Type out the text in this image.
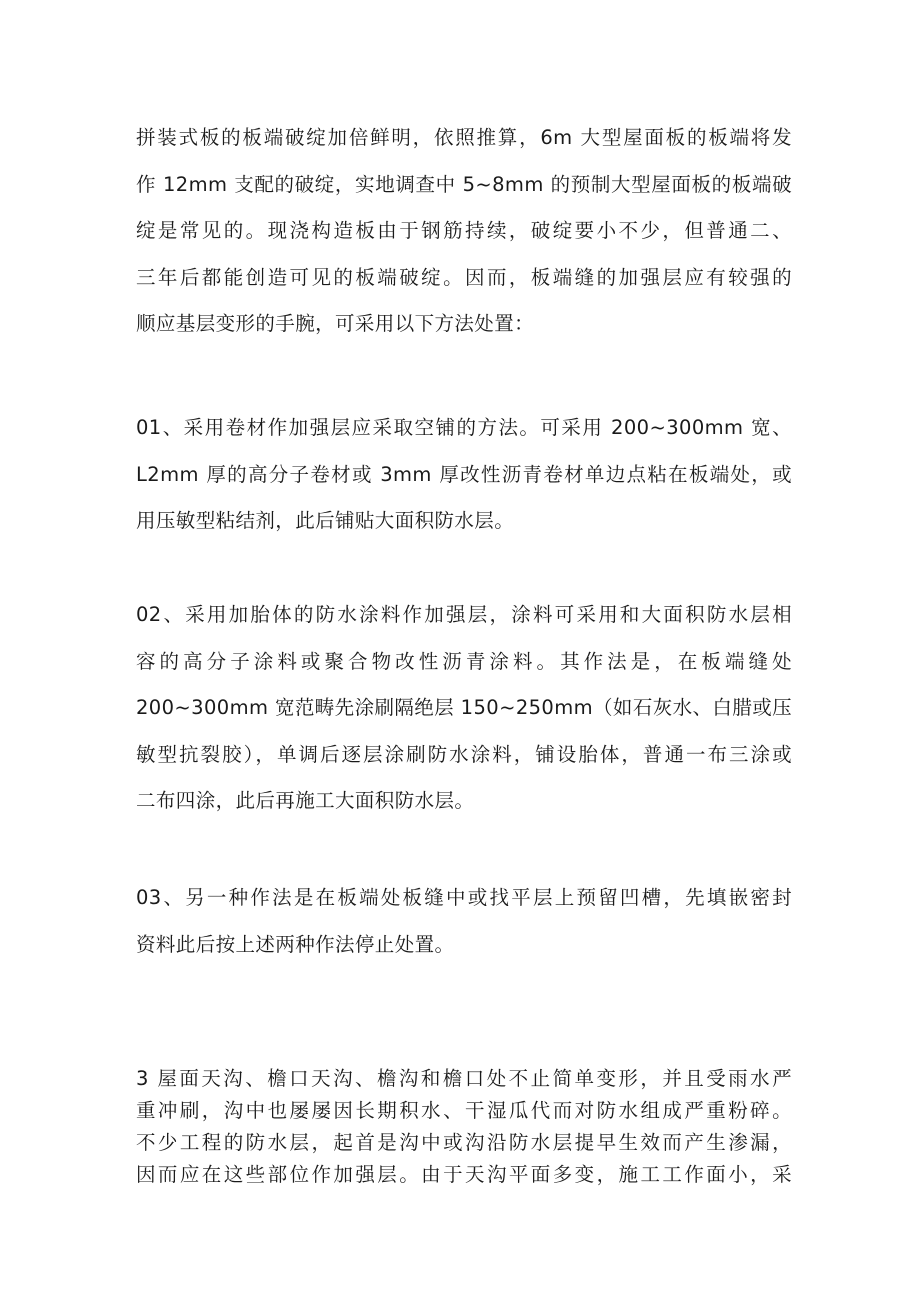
拼装式板的板端破绽加倍鲜明，依照推算，6m 大型屋面板的板端将发
作 12mm 支配的破绽，实地调查中 5~8mm 的预制大型屋面板的板端破
绽是常见的。现浇构造板由于钢筋持续，破绽要小不少，但普通二、
三年后都能创造可见的板端破绽。因而，板端缝的加强层应有较强的
顺应基层变形的手腕，可采用以下方法处置：

01、采用卷材作加强层应采取空铺的方法。可采用 200~300mm 宽、
L2mm 厚的高分子卷材或 3mm 厚改性沥青卷材单边点粘在板端处，或
用压敏型粘结剂，此后铺贴大面积防水层。

02、采用加胎体的防水涂料作加强层，涂料可采用和大面积防水层相
容的高分子涂料或聚合物改性沥青涂料。其作法是，在板端缝处
200~300mm 宽范畴先涂刷隔绝层 150~250mm（如石灰水、白腊或压
敏型抗裂胶），单调后逐层涂刷防水涂料，铺设胎体，普通一布三涂或
二布四涂，此后再施工大面积防水层。

03、另一种作法是在板端处板缝中或找平层上预留凹槽，先填嵌密封
资料此后按上述两种作法停止处置。

3 屋面天沟、檐口天沟、檐沟和檐口处不止简单变形，并且受雨水严
重冲刷，沟中也屡屡因长期积水、干湿瓜代而对防水组成严重粉碎。
不少工程的防水层，起首是沟中或沟沿防水层提早生效而产生渗漏，
因而应在这些部位作加强层。由于天沟平面多变，施工工作面小，采
